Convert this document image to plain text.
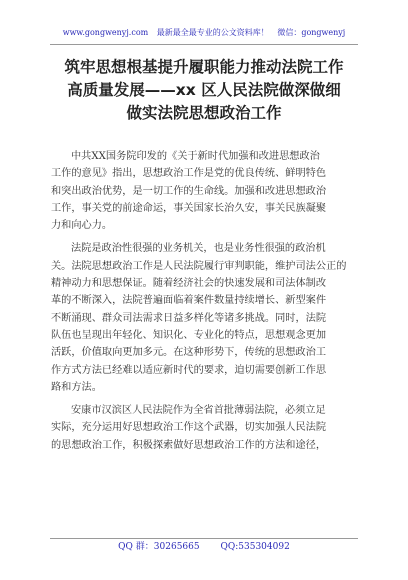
www.gongwenyj.com 最新最全最专业的公文资料库！ 微信：gongwenyj
筑牢思想根基提升履职能力推动法院工作
高质量发展——xx 区人民法院做深做细
做实法院思想政治工作
中共XX国务院印发的《关于新时代加强和改进思想政治
工作的意见》指出，思想政治工作是党的优良传统、鲜明特色
和突出政治优势，是一切工作的生命线。加强和改进思想政治
工作，事关党的前途命运，事关国家长治久安，事关民族凝聚
力和向心力。
法院是政治性很强的业务机关，也是业务性很强的政治机
关。法院思想政治工作是人民法院履行审判职能，维护司法公正的
精神动力和思想保证。随着经济社会的快速发展和司法体制改
革的不断深入，法院普遍面临着案件数量持续增长、新型案件
不断涌现、群众司法需求日益多样化等诸多挑战。同时，法院
队伍也呈现出年轻化、知识化、专业化的特点，思想观念更加
活跃，价值取向更加多元。在这种形势下，传统的思想政治工
作方式方法已经难以适应新时代的要求，迫切需要创新工作思
路和方法。
安康市汉滨区人民法院作为全省首批薄弱法院，必须立足
实际，充分运用好思想政治工作这个武器，切实加强人民法院
的思想政治工作，积极探索做好思想政治工作的方法和途径，
QQ 群：30265665 QQ:535304092
